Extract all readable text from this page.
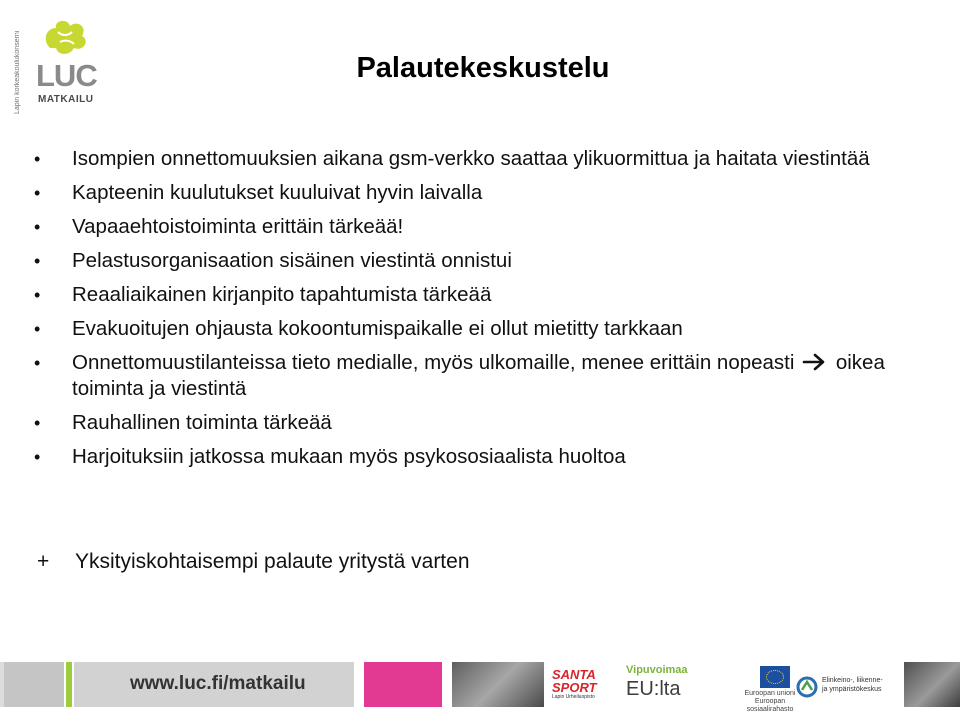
Lapin korkeakoulukonserni LUC
MATKAILU
Palautekeskustelu
• Isompien onnettomuuksien aikana gsm-verkko saattaa ylikuormittua ja haitata viestintää
• Kapteenin kuulutukset kuuluivat hyvin laivalla
• Vapaaehtoistoiminta erittäin tärkeää!
• Pelastusorganisaation sisäinen viestintä onnistui
• Reaaliaikainen kirjanpito tapahtumista tärkeää
• Evakuoitujen ohjausta kokoontumispaikalle ei ollut mietitty tarkkaan
• Onnettomuustilanteissa tieto medialle, myös ulkomaille, menee erittäin nopeasti oikea toiminta ja viestintä
• Rauhallinen toiminta tärkeää
• Harjoituksiin jatkossa mukaan myös psykososiaalista huoltoa
+ Yksityiskohtaisempi palaute yritystä varten
www.luc.fi/matkailu	SANTA
SPORT
Lapin Urheiluopisto
Vipuvoimaa
EU:lta	Euroopan unioni Euroopan sosiaalirahasto
Elinkeino-, liikenne- ja ympäristökeskus
